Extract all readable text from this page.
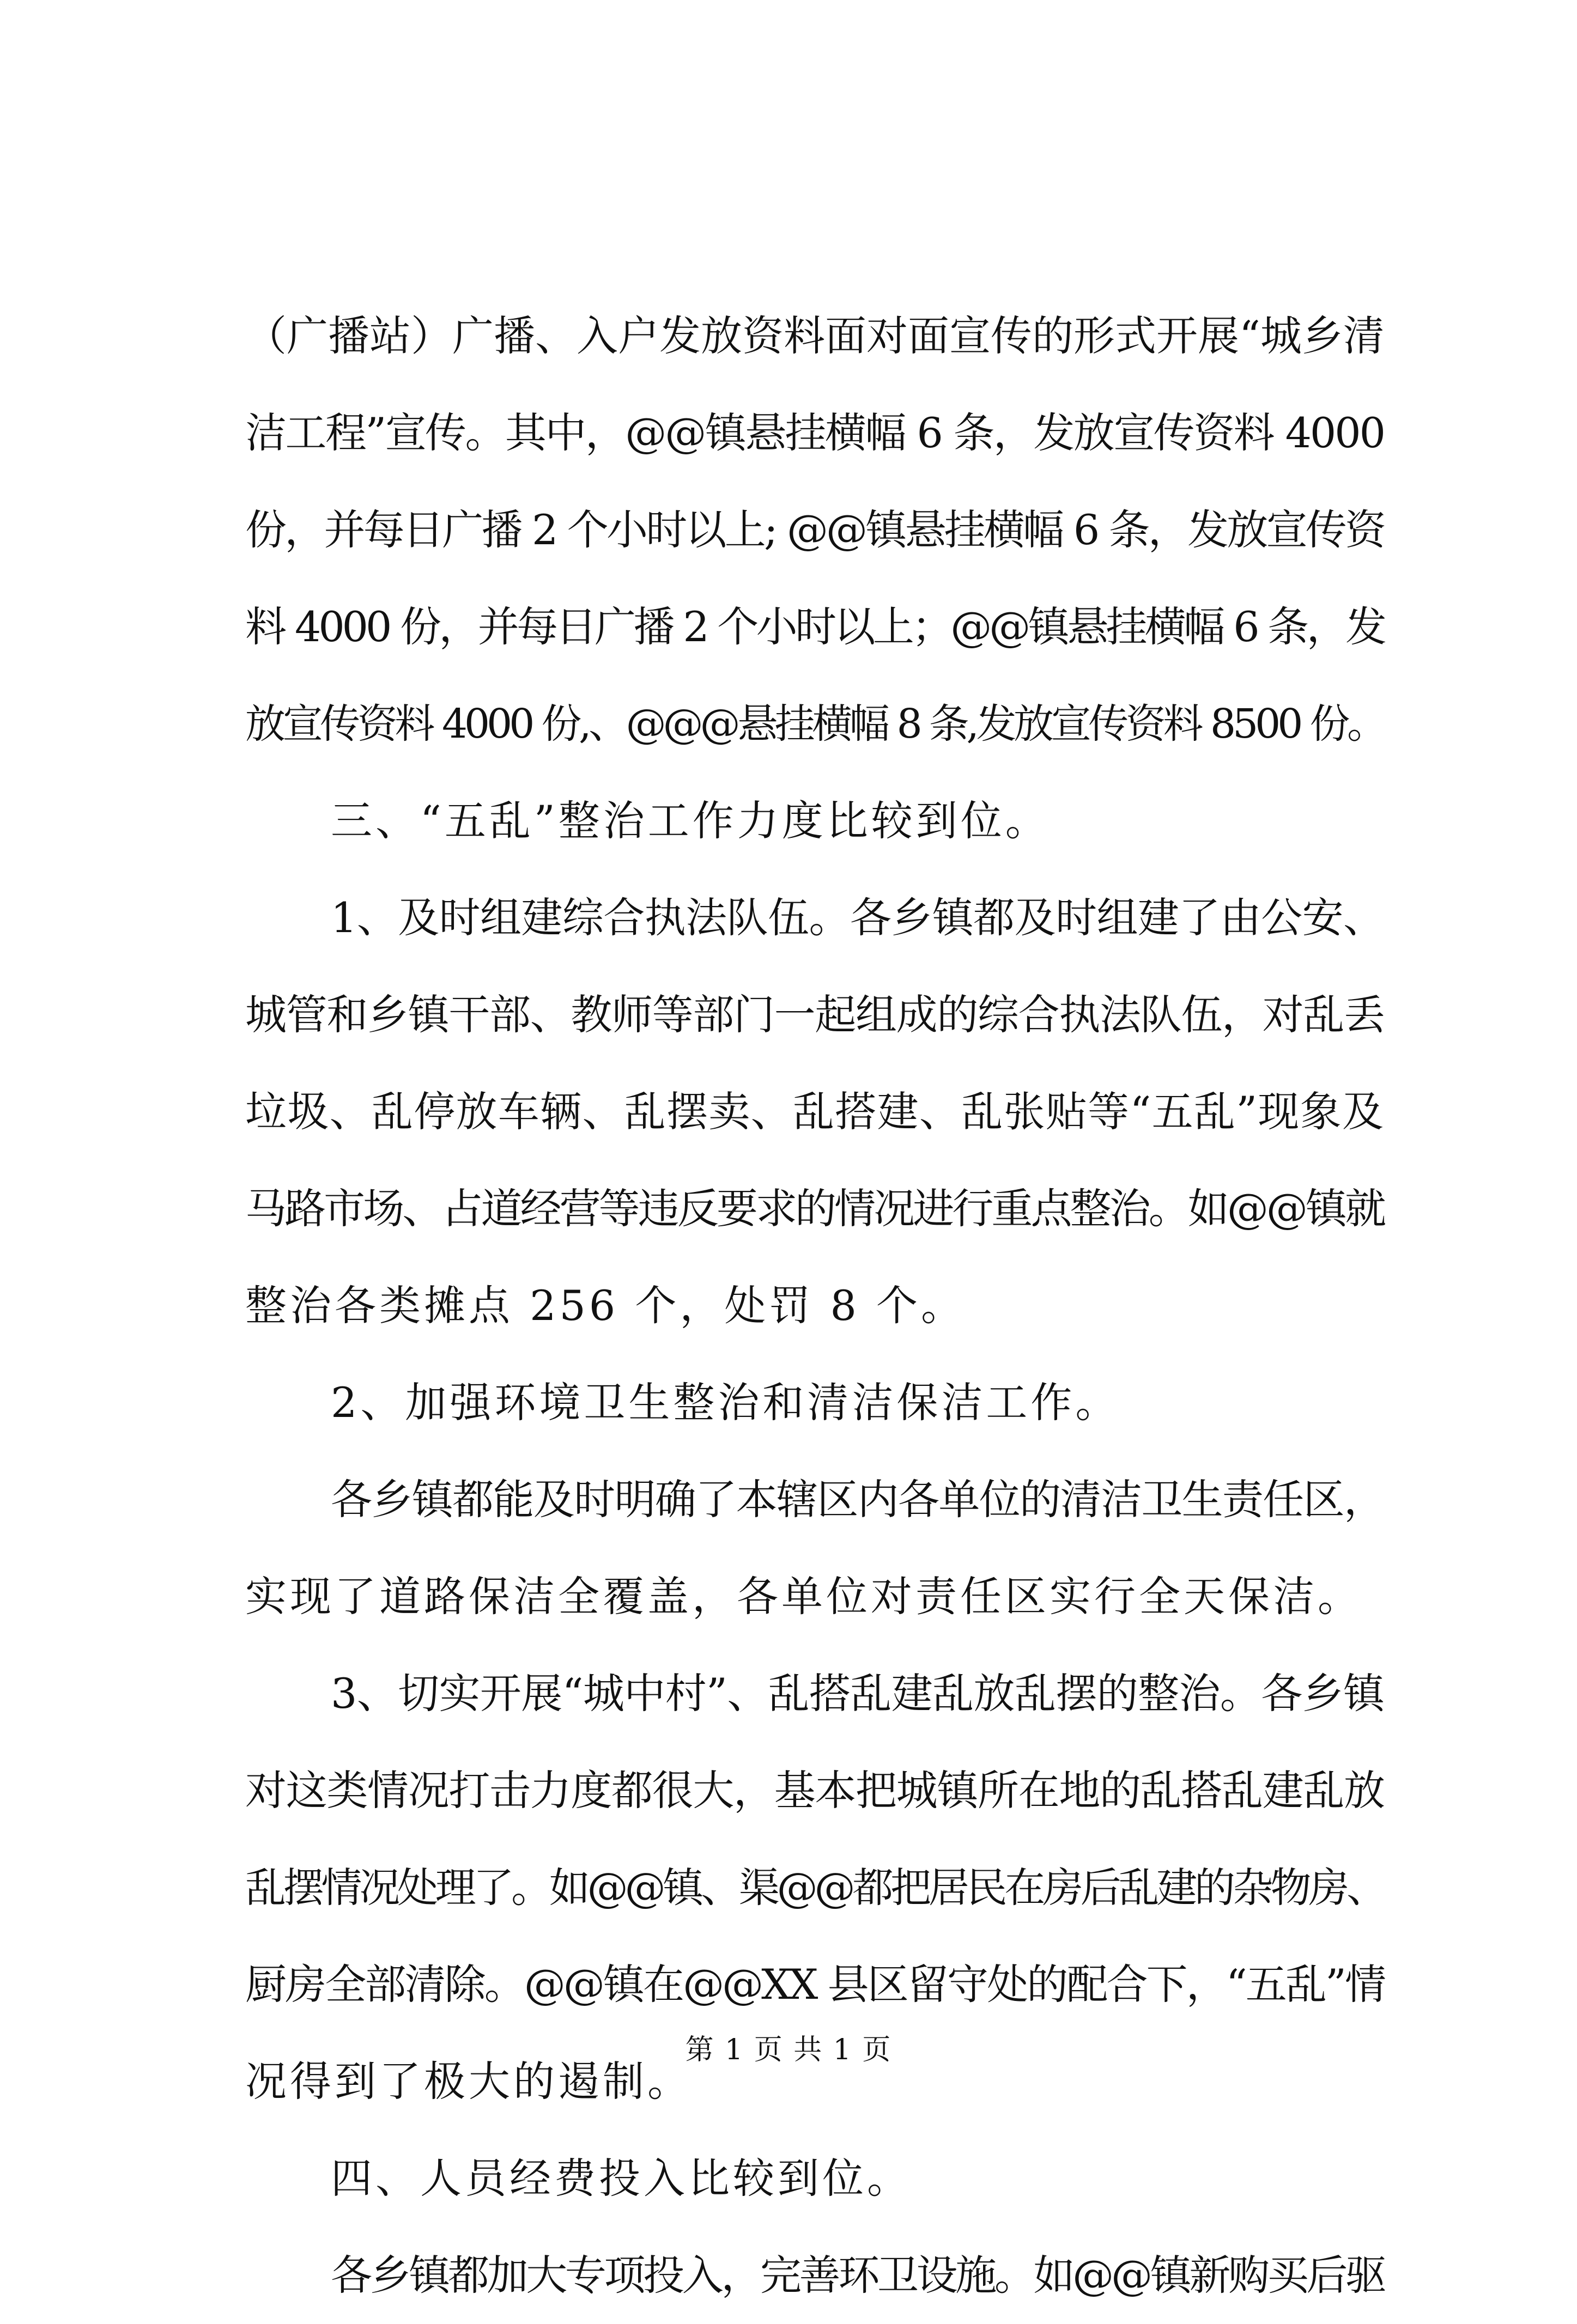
（广播站）广播、入户发放资料面对面宣传的形式开展“城乡清
洁工程”宣传。其中，@@镇悬挂横幅 6 条，发放宣传资料 4000
份，并每日广播 2 个小时以上; @@镇悬挂横幅 6 条，发放宣传资
料 4000 份，并每日广播 2 个小时以上；@@镇悬挂横幅 6 条，发
放宣传资料 4000 份,、@@@悬挂横幅 8 条,发放宣传资料 8500 份。
三、“五乱”整治工作力度比较到位。
1、及时组建综合执法队伍。各乡镇都及时组建了由公安、
城管和乡镇干部、教师等部门一起组成的综合执法队伍，对乱丢
垃圾、乱停放车辆、乱摆卖、乱搭建、乱张贴等“五乱”现象及
马路市场、占道经营等违反要求的情况进行重点整治。如@@镇就
整治各类摊点 256 个，处罚 8 个。
2、加强环境卫生整治和清洁保洁工作。
各乡镇都能及时明确了本辖区内各单位的清洁卫生责任区，
实现了道路保洁全覆盖，各单位对责任区实行全天保洁。
3、切实开展“城中村”、乱搭乱建乱放乱摆的整治。各乡镇
对这类情况打击力度都很大，基本把城镇所在地的乱搭乱建乱放
乱摆情况处理了。如@@镇、渠@@都把居民在房后乱建的杂物房、
厨房全部清除。@@镇在@@XX 县区留守处的配合下，“五乱”情
况得到了极大的遏制。
四、人员经费投入比较到位。
各乡镇都加大专项投入，完善环卫设施。如@@镇新购买后驱
第 1 页 共 1 页
